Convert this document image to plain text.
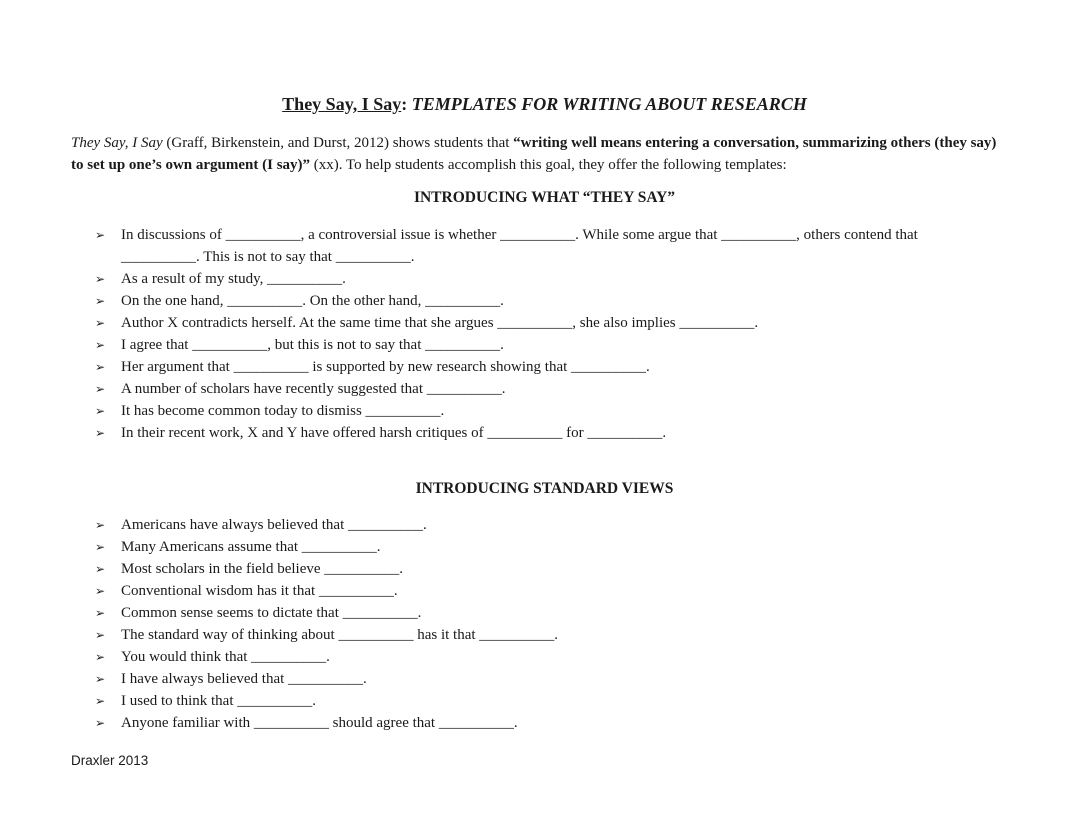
They Say, I Say: TEMPLATES FOR WRITING ABOUT RESEARCH
They Say, I Say (Graff, Birkenstein, and Durst, 2012) shows students that “writing well means entering a conversation, summarizing others (they say) to set up one’s own argument (I say)” (xx). To help students accomplish this goal, they offer the following templates:
INTRODUCING WHAT “THEY SAY”
➢ In discussions of __________, a controversial issue is whether __________. While some argue that __________, others contend that __________. This is not to say that __________.
➢ As a result of my study, __________.
➢ On the one hand, __________. On the other hand, __________.
➢ Author X contradicts herself. At the same time that she argues __________, she also implies __________.
➢ I agree that __________, but this is not to say that __________.
➢ Her argument that __________ is supported by new research showing that __________.
➢ A number of scholars have recently suggested that __________.
➢ It has become common today to dismiss __________.
➢ In their recent work, X and Y have offered harsh critiques of __________ for __________.
INTRODUCING STANDARD VIEWS
➢ Americans have always believed that __________.
➢ Many Americans assume that __________.
➢ Most scholars in the field believe __________.
➢ Conventional wisdom has it that __________.
➢ Common sense seems to dictate that __________.
➢ The standard way of thinking about __________ has it that __________.
➢ You would think that __________.
➢ I have always believed that __________.
➢ I used to think that __________.
➢ Anyone familiar with __________ should agree that __________.
Draxler 2013
